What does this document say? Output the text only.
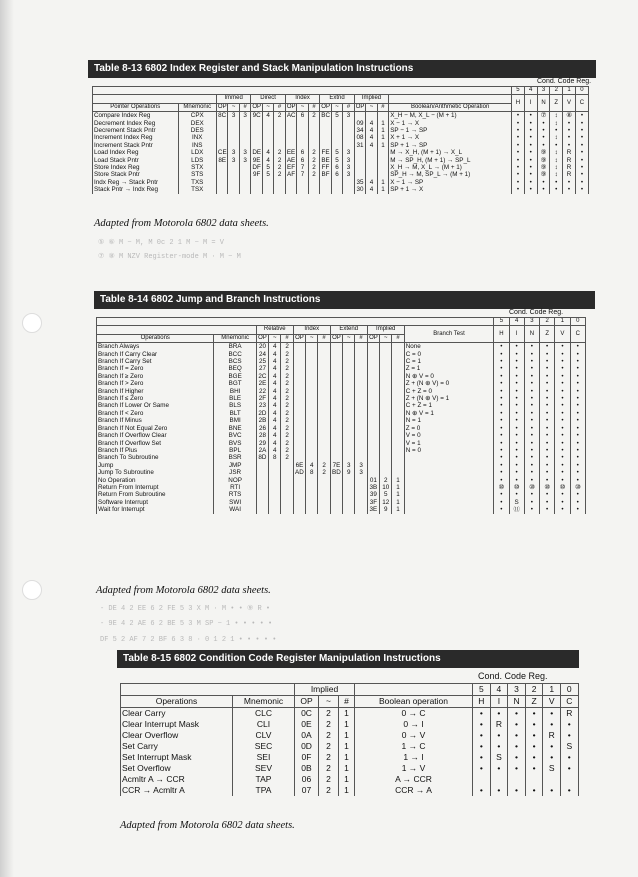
Table 8-13 6802 Index Register and Stack Manipulation Instructions
Cond. Code Reg.
																		5	4	3	2	1	0
		Immed			Direct			Index			Extnd			Implied				H	I	N	Z	V	C
Pointer Operations	Mnemonic	OP	~	#	OP	~	#	OP	~	#	OP	~	#	OP	~	#	Boolean/Arithmetic Operation						
Compare Index Reg	CPX	8C	3	3	9C	4	2	AC	6	2	BC	5	3				X_H − M, X_L − (M + 1)	•	•	⑦	↕	⑧	•
Decrement Index Reg	DEX													09	4	1	X − 1 → X	•	•	•	↕	•	•
Decrement Stack Pntr	DES													34	4	1	SP − 1 → SP	•	•	•	•	•	•
Increment Index Reg	INX													08	4	1	X + 1 → X	•	•	•	↕	•	•
Increment Stack Pntr	INS													31	4	1	SP + 1 → SP	•	•	•	•	•	•
Load Index Reg	LDX	CE	3	3	DE	4	2	EE	6	2	FE	5	3				M → X_H, (M + 1) → X_L	•	•	⑨	↕	R	•
Load Stack Pntr	LDS	8E	3	3	9E	4	2	AE	6	2	BE	5	3				M → SP_H, (M + 1) → SP_L	•	•	⑨	↕	R	•
Store Index Reg	STX				DF	5	2	EF	7	2	FF	6	3				X_H → M, X_L → (M + 1)	•	•	⑨	↕	R	•
Store Stack Pntr	STS				9F	5	2	AF	7	2	BF	6	3				SP_H → M, SP_L → (M + 1)	•	•	⑨	↕	R	•
Indx Reg → Stack Pntr	TXS													35	4	1	X − 1 → SP	•	•	•	•	•	•
Stack Pntr → Indx Reg	TSX													30	4	1	SP + 1 → X	•	•	•	•	•	•
Adapted from Motorola 6802 data sheets.
⑤ ⑥ M − M, M 0c 2 1 M − M = V
⑦ ⑧ M NZV Register-mode M · M − M
Table 8-14 6802 Jump and Branch Instructions
Cond. Code Reg.
															5	4	3	2	1	0
		Relative			Index			Extend			Implied			Branch Test	H	I	N	Z	V	C
Operations	Mnemonic	OP	~	#	OP	~	#	OP	~	#	OP	~	#							
Branch Always	BRA	20	4	2										None	•	•	•	•	•	•
Branch If Carry Clear	BCC	24	4	2										C = 0	•	•	•	•	•	•
Branch If Carry Set	BCS	25	4	2										C = 1	•	•	•	•	•	•
Branch If = Zero	BEQ	27	4	2										Z = 1	•	•	•	•	•	•
Branch If ≥ Zero	BGE	2C	4	2										N ⊕ V = 0	•	•	•	•	•	•
Branch If > Zero	BGT	2E	4	2										Z + (N ⊕ V) = 0	•	•	•	•	•	•
Branch If Higher	BHI	22	4	2										C + Z = 0	•	•	•	•	•	•
Branch If ≤ Zero	BLE	2F	4	2										Z + (N ⊕ V) = 1	•	•	•	•	•	•
Branch If Lower Or Same	BLS	23	4	2										C + Z = 1	•	•	•	•	•	•
Branch If < Zero	BLT	2D	4	2										N ⊕ V = 1	•	•	•	•	•	•
Branch If Minus	BMI	2B	4	2										N = 1	•	•	•	•	•	•
Branch If Not Equal Zero	BNE	26	4	2										Z = 0	•	•	•	•	•	•
Branch If Overflow Clear	BVC	28	4	2										V = 0	•	•	•	•	•	•
Branch If Overflow Set	BVS	29	4	2										V = 1	•	•	•	•	•	•
Branch If Plus	BPL	2A	4	2										N = 0	•	•	•	•	•	•
Branch To Subroutine	BSR	8D	8	2											•	•	•	•	•	•
Jump	JMP				6E	4	2	7E	3	3					•	•	•	•	•	•
Jump To Subroutine	JSR				AD	8	2	BD	9	3					•	•	•	•	•	•
No Operation	NOP										01	2	1		•	•	•	•	•	•
Return From Interrupt	RTI										3B	10	1		⑩	⑩	⑩	⑩	⑩	⑩
Return From Subroutine	RTS										39	5	1		•	•	•	•	•	•
Software Interrupt	SWI										3F	12	1		•	S	•	•	•	•
Wait for Interrupt	WAI										3E	9	1		•	⑪	•	•	•	•
Adapted from Motorola 6802 data sheets.
- DE 4 2 EE 6 2 FE 5 3 X M · M • • ⑨ R •
- 9E 4 2 AE 6 2 BE 5 3 M SP − 1 • • • • •
DF 5 2 AF 7 2 BF 6 3 8 · 0 1 2 1 • • • • •
Table 8-15 6802 Condition Code Register Manipulation Instructions
Cond. Code Reg.
		Implied				5	4	3	2	1	0
Operations	Mnemonic	OP	~	#	Boolean operation	H	I	N	Z	V	C
Clear Carry	CLC	0C	2	1	0 → C	•	•	•	•	•	R
Clear Interrupt Mask	CLI	0E	2	1	0 → I	•	R	•	•	•	•
Clear Overflow	CLV	0A	2	1	0 → V	•	•	•	•	R	•
Set Carry	SEC	0D	2	1	1 → C	•	•	•	•	•	S
Set Interrupt Mask	SEI	0F	2	1	1 → I	•	S	•	•	•	•
Set Overflow	SEV	0B	2	1	1 → V	•	•	•	•	S	•
Acmltr A → CCR	TAP	06	2	1	A → CCR						
CCR → Acmltr A	TPA	07	2	1	CCR → A	•	•	•	•	•	•
Adapted from Motorola 6802 data sheets.
